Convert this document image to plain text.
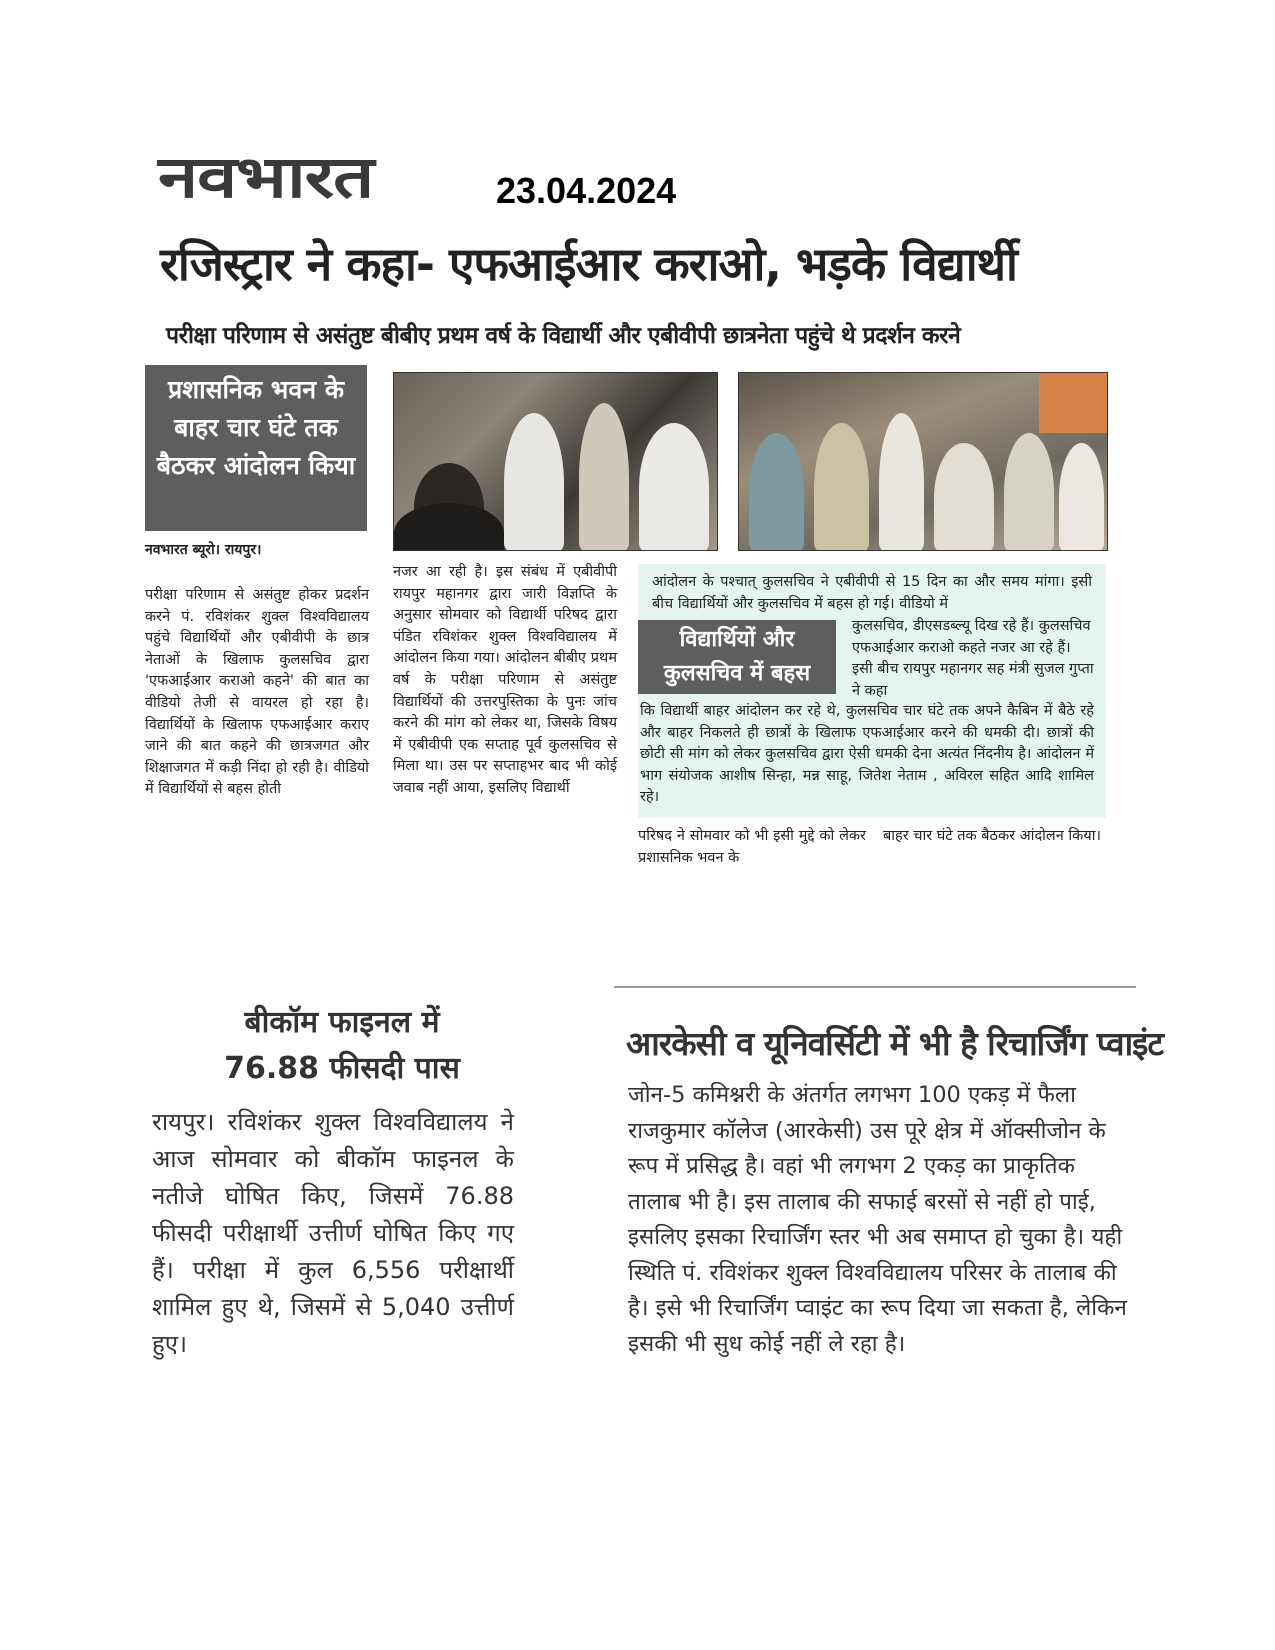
नवभारत	23.04.2024
रजिस्ट्रार ने कहा- एफआईआर कराओ, भड़के विद्यार्थी
परीक्षा परिणाम से असंतुष्ट बीबीए प्रथम वर्ष के विद्यार्थी और एबीवीपी छात्रनेता पहुंचे थे प्रदर्शन करने
प्रशासनिक भवन के बाहर चार घंटे तक बैठकर आंदोलन किया
नवभारत ब्यूरो। रायपुर।
परीक्षा परिणाम से असंतुष्ट होकर प्रदर्शन करने पं. रविशंकर शुक्ल विश्वविद्यालय पहुंचे विद्यार्थियों और एबीवीपी के छात्र नेताओं के खिलाफ कुलसचिव द्वारा 'एफआईआर कराओ कहने' की बात का वीडियो तेजी से वायरल हो रहा है। विद्यार्थियों के खिलाफ एफआईआर कराए जाने की बात कहने की छात्रजगत और शिक्षाजगत में कड़ी निंदा हो रही है। वीडियो में विद्यार्थियों से बहस होती
नजर आ रही है। इस संबंध में एबीवीपी रायपुर महानगर द्वारा जारी विज्ञप्ति के अनुसार सोमवार को विद्यार्थी परिषद द्वारा पंडित रविशंकर शुक्ल विश्वविद्यालय में आंदोलन किया गया। आंदोलन बीबीए प्रथम वर्ष के परीक्षा परिणाम से असंतुष्ट विद्यार्थियों की उत्तरपुस्तिका के पुनः जांच करने की मांग को लेकर था, जिसके विषय में एबीवीपी एक सप्ताह पूर्व कुलसचिव से मिला था। उस पर सप्ताहभर बाद भी कोई जवाब नहीं आया, इसलिए विद्यार्थी
आंदोलन के पश्चात् कुलसचिव ने एबीवीपी से 15 दिन का और समय मांगा। इसी बीच विद्यार्थियों और कुलसचिव में बहस हो गई। वीडियो में
विद्यार्थियों और कुलसचिव में बहस
कुलसचिव, डीएसडब्ल्यू दिख रहे हैं। कुलसचिव एफआईआर कराओ कहते नजर आ रहे हैं। इसी बीच रायपुर महानगर सह मंत्री सुजल गुप्ता ने कहा
कि विद्यार्थी बाहर आंदोलन कर रहे थे, कुलसचिव चार घंटे तक अपने कैबिन में बैठे रहे और बाहर निकलते ही छात्रों के खिलाफ एफआईआर करने की धमकी दी। छात्रों की छोटी सी मांग को लेकर कुलसचिव द्वारा ऐसी धमकी देना अत्यंत निंदनीय है। आंदोलन में भाग संयोजक आशीष सिन्हा, मन्न साहू, जितेश नेताम , अविरल सहित आदि शामिल रहे।
परिषद ने सोमवार को भी इसी मुद्दे को लेकर प्रशासनिक भवन के
बाहर चार घंटे तक बैठकर आंदोलन किया।
बीकॉम फाइनल में
76.88 फीसदी पास
रायपुर। रविशंकर शुक्ल विश्वविद्यालय ने आज सोमवार को बीकॉम फाइनल के नतीजे घोषित किए, जिसमें 76.88 फीसदी परीक्षार्थी उत्तीर्ण घोषित किए गए हैं। परीक्षा में कुल 6,556 परीक्षार्थी शामिल हुए थे, जिसमें से 5,040 उत्तीर्ण हुए।
आरकेसी व यूनिवर्सिटी में भी है रिचार्जिंग प्वाइंट
जोन-5 कमिश्नरी के अंतर्गत लगभग 100 एकड़ में फैला राजकुमार कॉलेज (आरकेसी) उस पूरे क्षेत्र में ऑक्सीजोन के रूप में प्रसिद्ध है। वहां भी लगभग 2 एकड़ का प्राकृतिक तालाब भी है। इस तालाब की सफाई बरसों से नहीं हो पाई, इसलिए इसका रिचार्जिंग स्तर भी अब समाप्त हो चुका है। यही स्थिति पं. रविशंकर शुक्ल विश्वविद्यालय परिसर के तालाब की है। इसे भी रिचार्जिंग प्वाइंट का रूप दिया जा सकता है, लेकिन इसकी भी सुध कोई नहीं ले रहा है।
